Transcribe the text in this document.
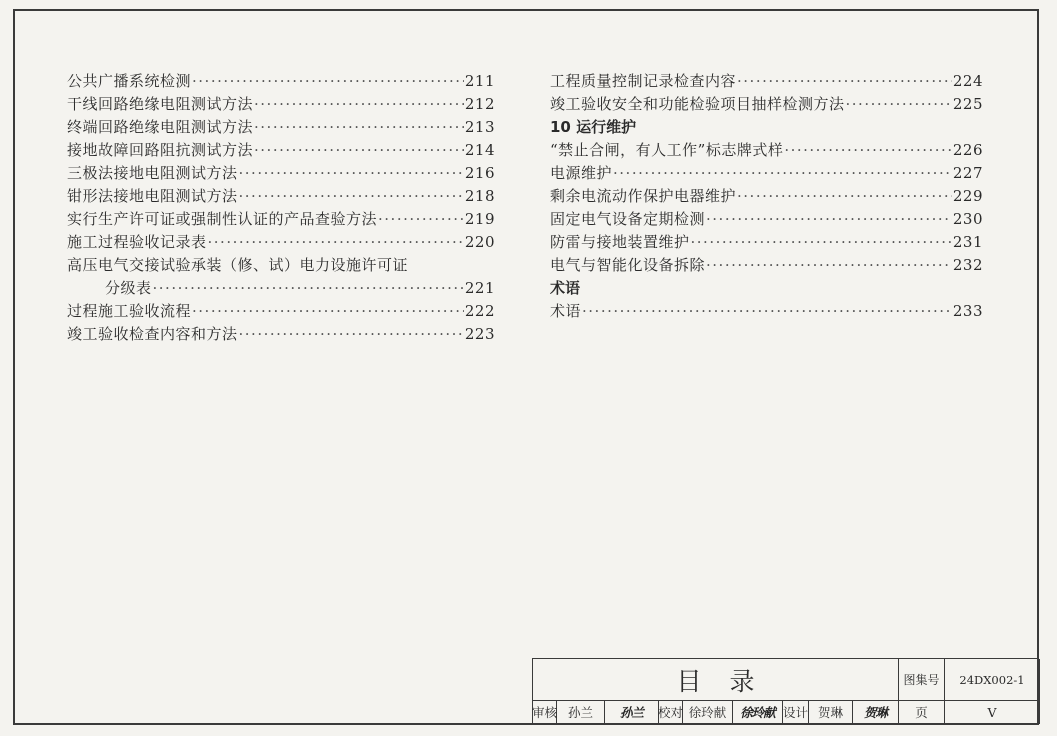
公共广播系统检测 ·····	211
干线回路绝缘电阻测试方法 ·····	212
终端回路绝缘电阻测试方法 ·····	213
接地故障回路阻抗测试方法 ·····	214
三极法接地电阻测试方法 ·····	216
钳形法接地电阻测试方法 ·····	218
实行生产许可证或强制性认证的产品查验方法 ·····	219
施工过程验收记录表 ·····	220
高压电气交接试验承装（修、试）电力设施许可证
分级表 ·····	221
过程施工验收流程 ·····	222
竣工验收检查内容和方法 ·····	223
工程质量控制记录检查内容 ·····	224
竣工验收安全和功能检验项目抽样检测方法 ·····	225
10 运行维护
“禁止合闸，有人工作”标志牌式样 ·····	226
电源维护 ·····	227
剩余电流动作保护电器维护 ·····	229
固定电气设备定期检测 ·····	230
防雷与接地装置维护 ·····	231
电气与智能化设备拆除 ·····	232
术语
术语 ·····	233
目录	图集号	24DX002-1
审核 孙兰	孙兰	校对 徐玲献	徐玲献 设计 贺琳	贺琳	页	V
